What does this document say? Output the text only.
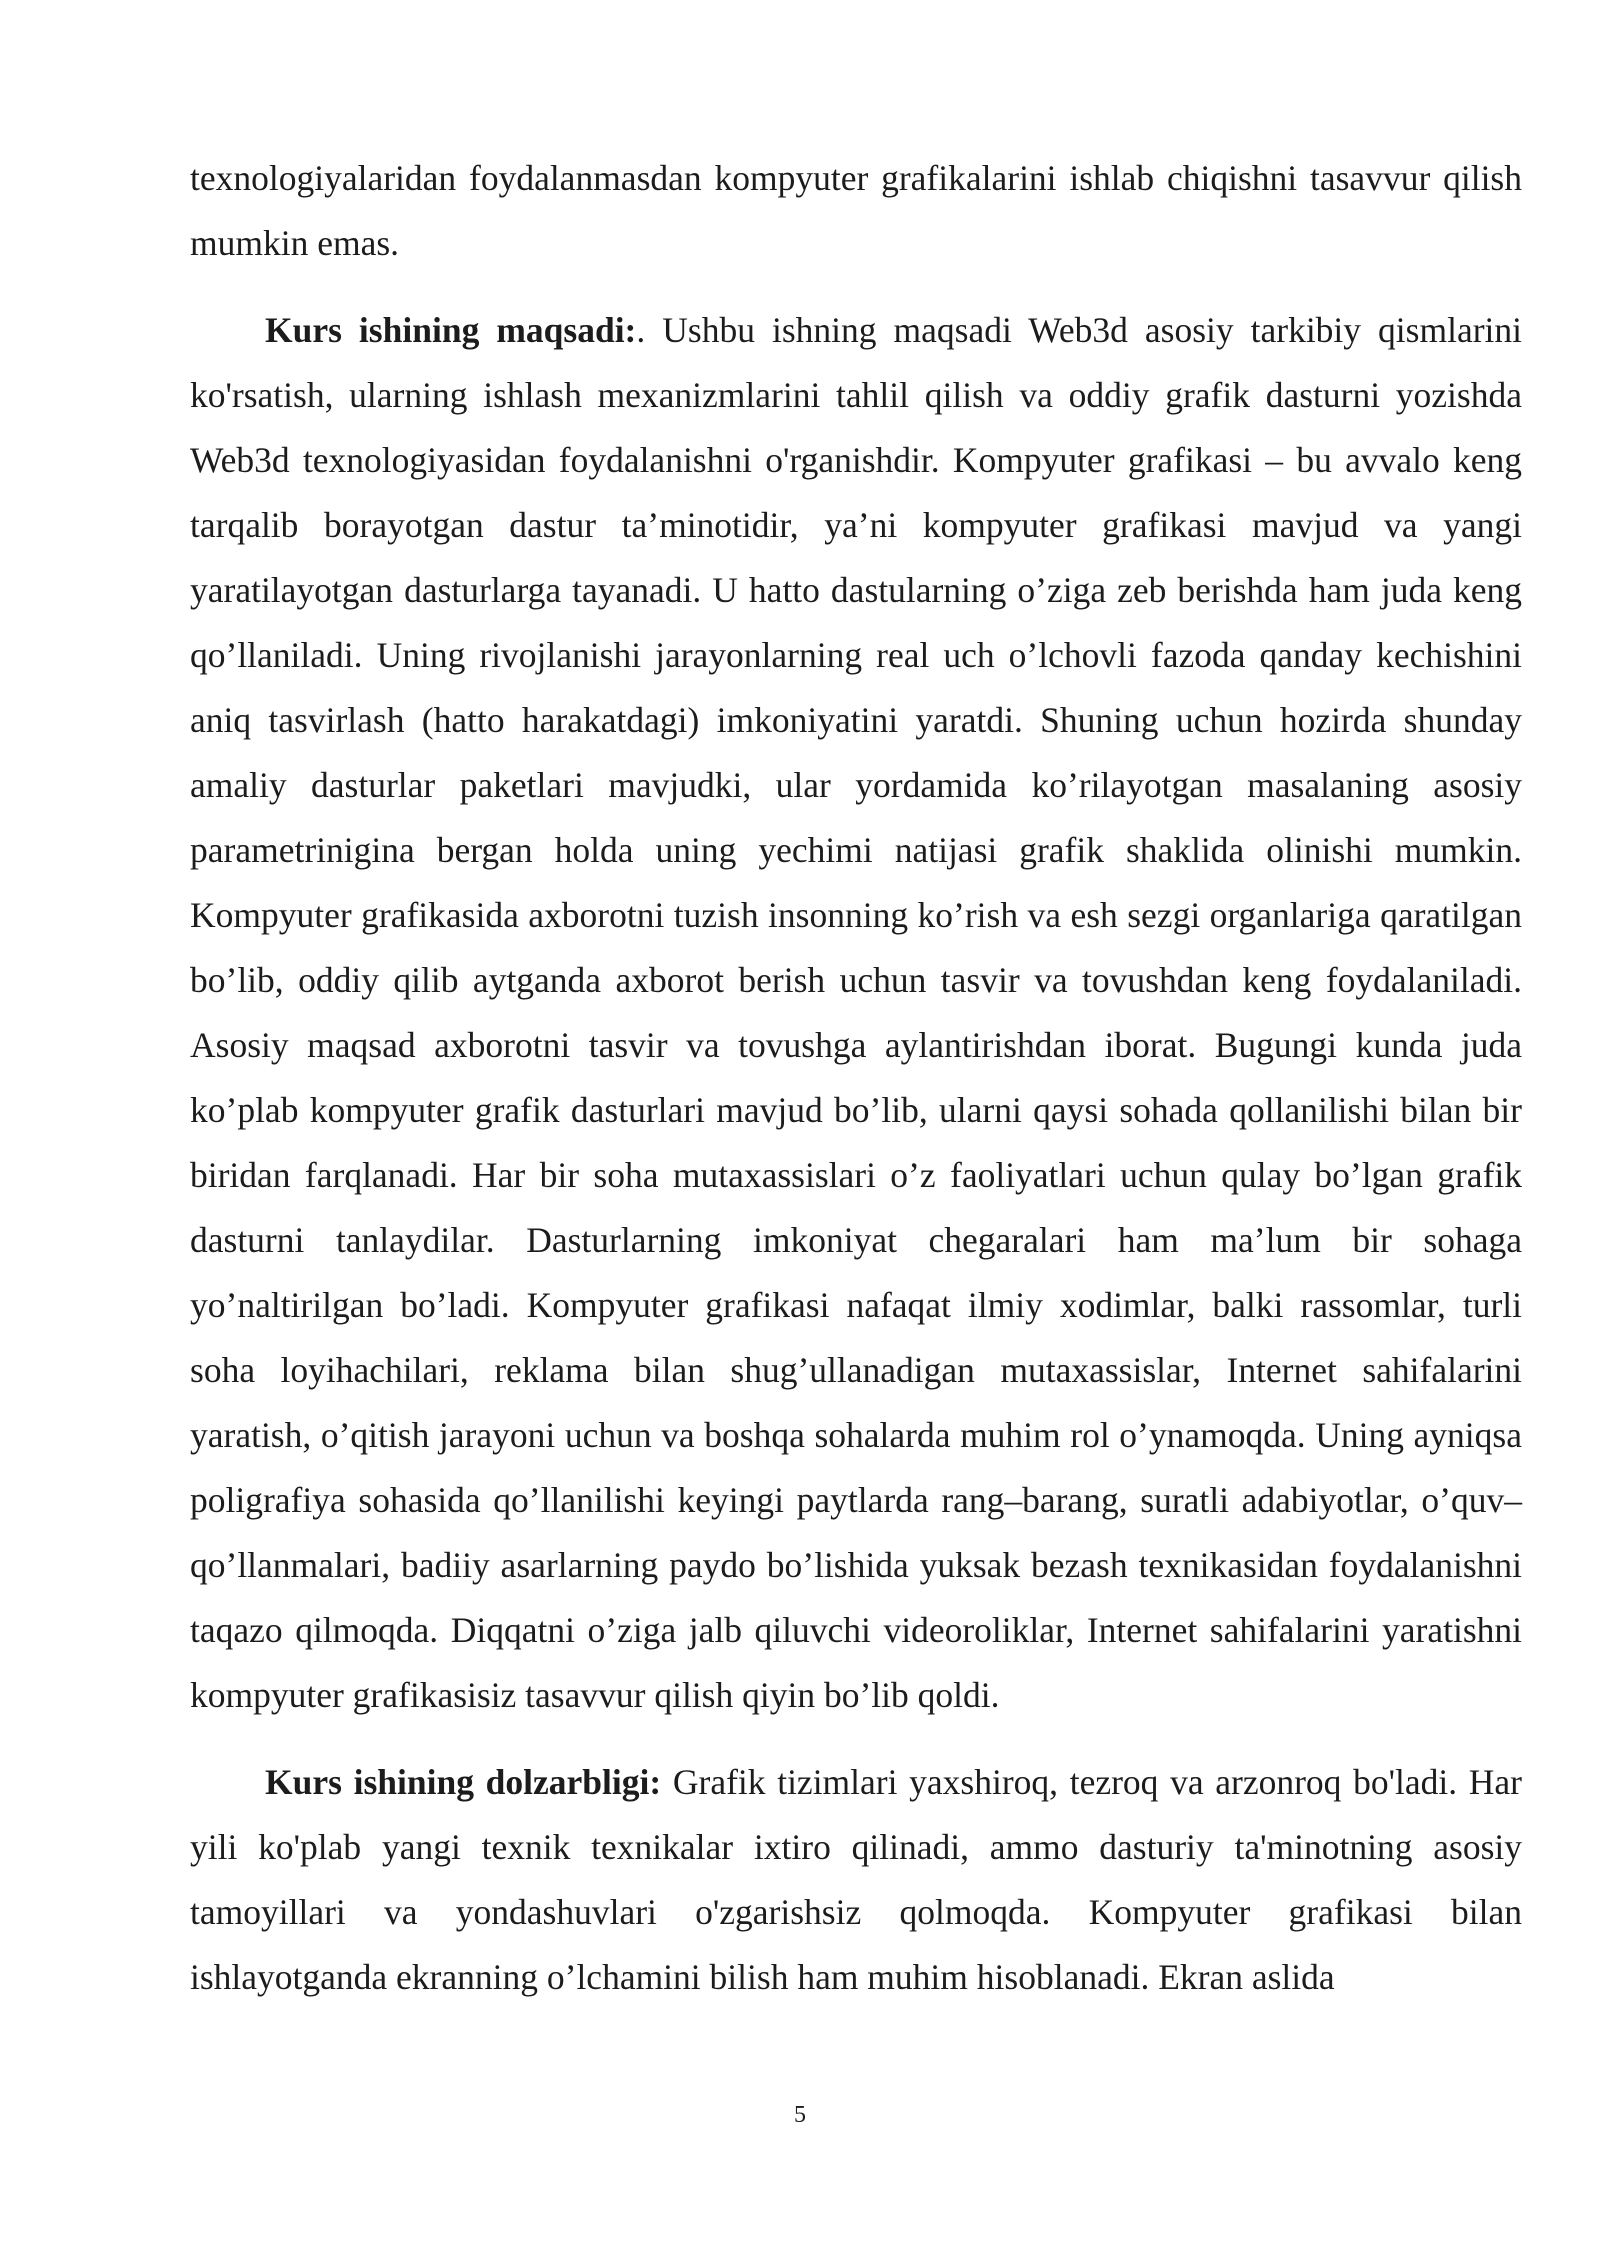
texnologiyalaridan foydalanmasdan kompyuter grafikalarini ishlab chiqishni tasavvur qilish mumkin emas.

Kurs ishining maqsadi:. Ushbu ishning maqsadi Web3d asosiy tarkibiy qismlarini ko'rsatish, ularning ishlash mexanizmlarini tahlil qilish va oddiy grafik dasturni yozishda Web3d texnologiyasidan foydalanishni o'rganishdir. Kompyuter grafikasi – bu avvalo keng tarqalib borayotgan dastur ta’minotidir, ya’ni kompyuter grafikasi mavjud va yangi yaratilayotgan dasturlarga tayanadi. U hatto dastularning o’ziga zeb berishda ham juda keng qo’llaniladi. Uning rivojlanishi jarayonlarning real uch o’lchovli fazoda qanday kechishini aniq tasvirlash (hatto harakatdagi) imkoniyatini yaratdi. Shuning uchun hozirda shunday amaliy dasturlar paketlari mavjudki, ular yordamida ko’rilayotgan masalaning asosiy parametrinigina bergan holda uning yechimi natijasi grafik shaklida olinishi mumkin. Kompyuter grafikasida axborotni tuzish insonning ko’rish va esh sezgi organlariga qaratilgan bo’lib, oddiy qilib aytganda axborot berish uchun tasvir va tovushdan keng foydalaniladi. Asosiy maqsad axborotni tasvir va tovushga aylantirishdan iborat. Bugungi kunda juda ko’plab kompyuter grafik dasturlari mavjud bo’lib, ularni qaysi sohada qollanilishi bilan bir biridan farqlanadi. Har bir soha mutaxassislari o’z faoliyatlari uchun qulay bo’lgan grafik dasturni tanlaydilar. Dasturlarning imkoniyat chegaralari ham ma’lum bir sohaga yo’naltirilgan bo’ladi. Kompyuter grafikasi nafaqat ilmiy xodimlar, balki rassomlar, turli soha loyihachilari, reklama bilan shug’ullanadigan mutaxassislar, Internet sahifalarini yaratish, o’qitish jarayoni uchun va boshqa sohalarda muhim rol o’ynamoqda. Uning ayniqsa poligrafiya sohasida qo’llanilishi keyingi paytlarda rang–barang, suratli adabiyotlar, o’quv–qo’llanmalari, badiiy asarlarning paydo bo’lishida yuksak bezash texnikasidan foydalanishni taqazo qilmoqda. Diqqatni o’ziga jalb qiluvchi videoroliklar, Internet sahifalarini yaratishni kompyuter grafikasisiz tasavvur qilish qiyin bo’lib qoldi.

Kurs ishining dolzarbligi: Grafik tizimlari yaxshiroq, tezroq va arzonroq bo'ladi. Har yili ko'plab yangi texnik texnikalar ixtiro qilinadi, ammo dasturiy ta'minotning asosiy tamoyillari va yondashuvlari o'zgarishsiz qolmoqda. Kompyuter grafikasi bilan ishlayotganda ekranning o’lchamini bilish ham muhim hisoblanadi. Ekran aslida

5
